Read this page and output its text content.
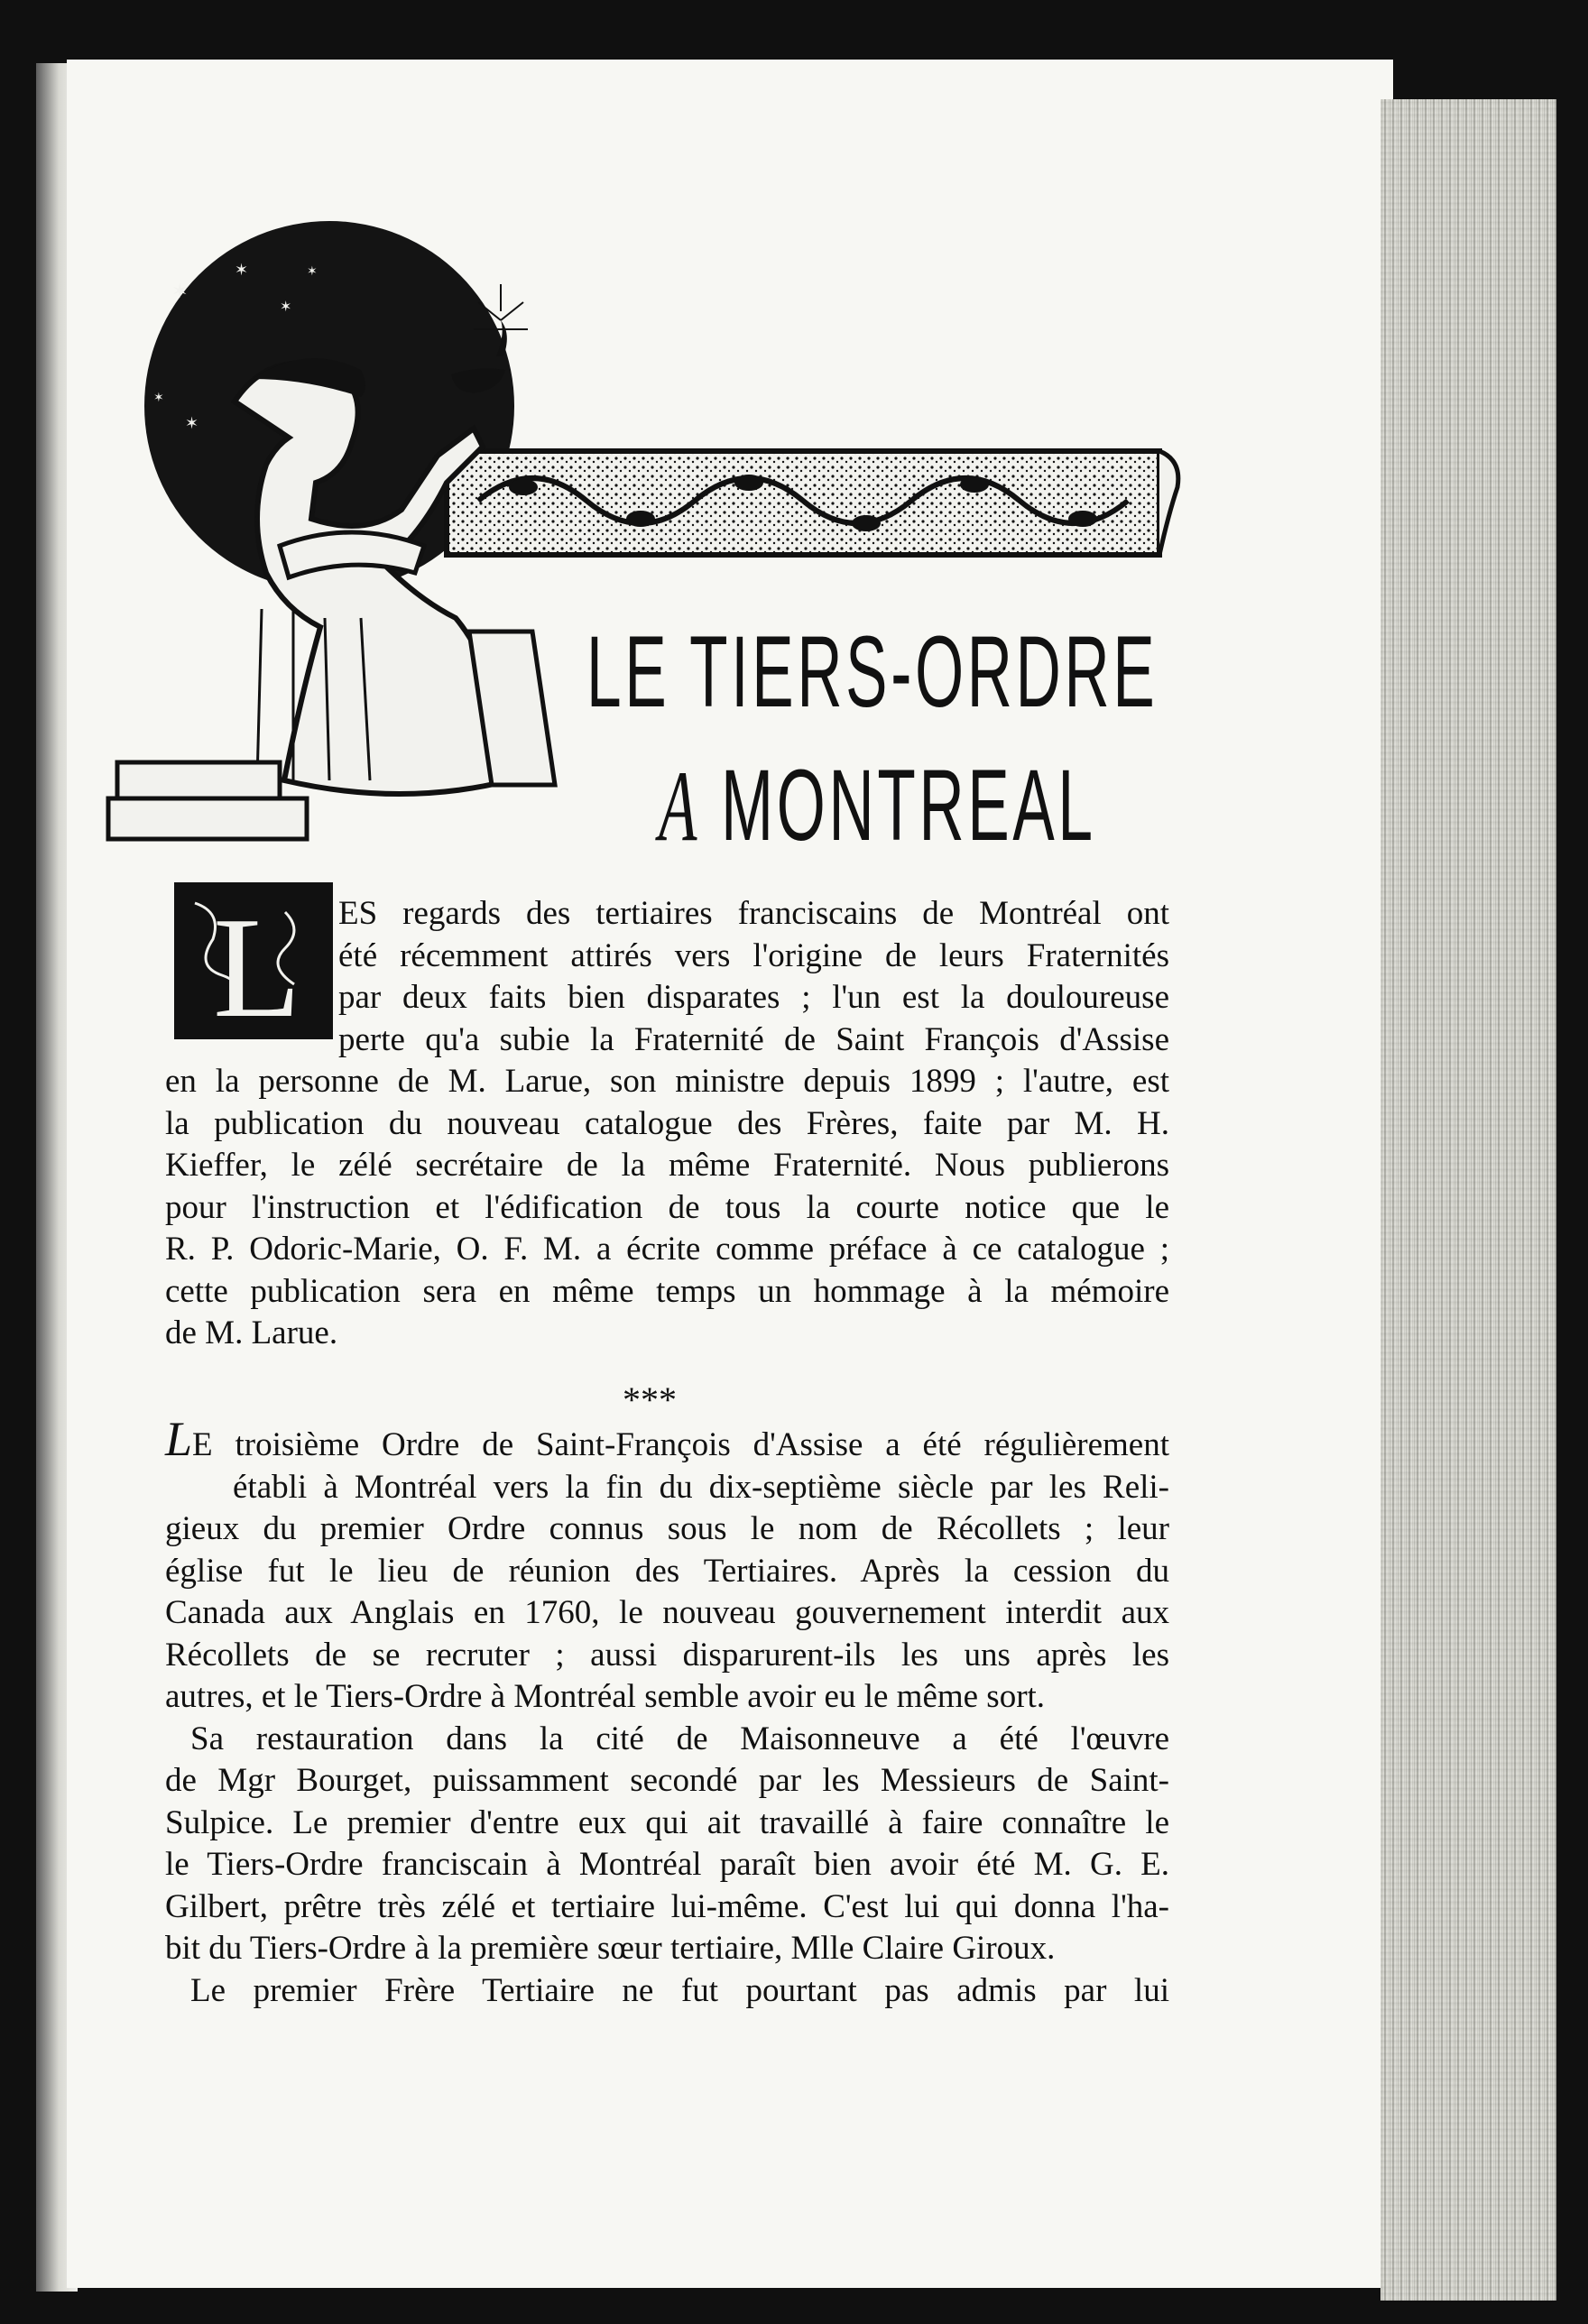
✶
✶
✶
✶
✶
✶
LE TIERS-ORDRE
A MONTREAL
L	ES regards des tertiaires franciscains de Montréal ont
été récemment attirés vers l'origine de leurs Fraternités
par deux faits bien disparates ; l'un est la douloureuse
perte qu'a subie la Fraternité de Saint François d'Assise
en la personne de M. Larue, son ministre depuis 1899 ; l'autre, est
la publication du nouveau catalogue des Frères, faite par M. H.
Kieffer, le zélé secrétaire de la même Fraternité. Nous publierons
pour l'instruction et l'édification de tous la courte notice que le
R. P. Odoric-Marie, O. F. M. a écrite comme préface à ce catalogue ;
cette publication sera en même temps un hommage à la mémoire
de M. Larue.
***
LE troisième Ordre de Saint-François d'Assise a été régulièrement
établi à Montréal vers la fin du dix-septième siècle par les Reli-
gieux du premier Ordre connus sous le nom de Récollets ; leur
église fut le lieu de réunion des Tertiaires. Après la cession du
Canada aux Anglais en 1760, le nouveau gouvernement interdit aux
Récollets de se recruter ; aussi disparurent-ils les uns après les
autres, et le Tiers-Ordre à Montréal semble avoir eu le même sort.
Sa restauration dans la cité de Maisonneuve a été l'œuvre
de Mgr Bourget, puissamment secondé par les Messieurs de Saint-
Sulpice. Le premier d'entre eux qui ait travaillé à faire connaître le
le Tiers-Ordre franciscain à Montréal paraît bien avoir été M. G. E.
Gilbert, prêtre très zélé et tertiaire lui-même. C'est lui qui donna l'ha-
bit du Tiers-Ordre à la première sœur tertiaire, Mlle Claire Giroux.
Le premier Frère Tertiaire ne fut pourtant pas admis par lui
